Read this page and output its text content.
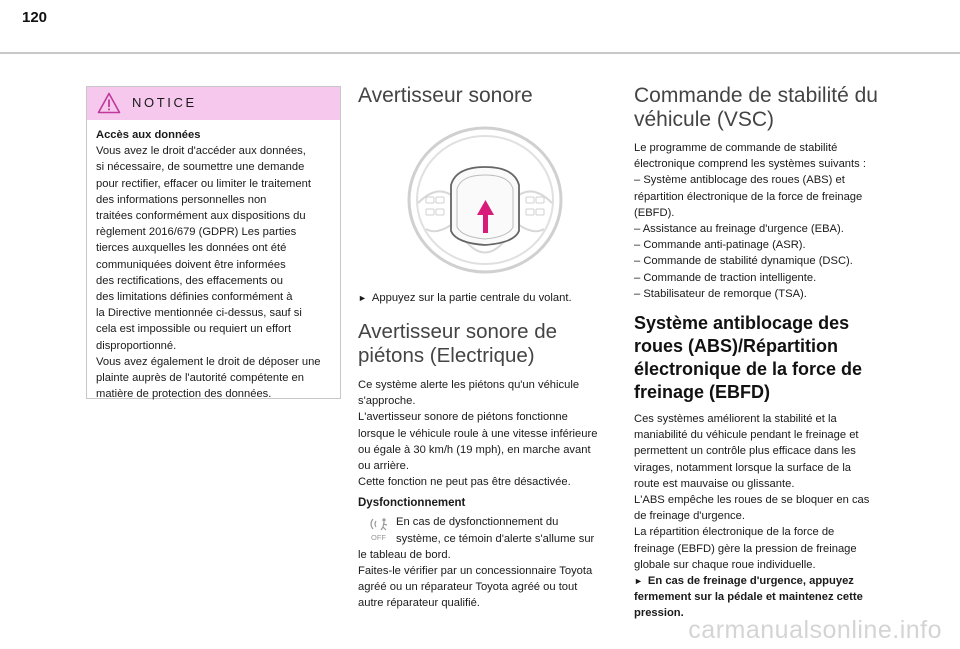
120
NOTICE

Accès aux données

Vous avez le droit d'accéder aux données,

si nécessaire, de soumettre une demande

pour rectifier, effacer ou limiter le traitement

des informations personnelles non

traitées conformément aux dispositions du

règlement 2016/679 (GDPR) Les parties

tierces auxquelles les données ont été

communiquées doivent être informées

des rectifications, des effacements ou

des limitations définies conformément à

la Directive mentionnée ci-dessus, sauf si

cela est impossible ou requiert un effort

disproportionné.

Vous avez également le droit de déposer une

plainte auprès de l'autorité compétente en

matière de protection des données.

Avertisseur sonore

► Appuyez sur la partie centrale du volant.

Avertisseur sonore de
piétons (Electrique)

Ce système alerte les piétons qu'un véhicule

s'approche.

L'avertisseur sonore de piétons fonctionne

lorsque le véhicule roule à une vitesse inférieure

ou égale à 30 km/h (19 mph), en marche avant

ou arrière.

Cette fonction ne peut pas être désactivée.

Dysfonctionnement

En cas de dysfonctionnement du

système, ce témoin d'alerte s'allume sur

le tableau de bord.

Faites-le vérifier par un concessionnaire Toyota

agréé ou un réparateur Toyota agréé ou tout

autre réparateur qualifié.

OFF
Commande de stabilité du
véhicule (VSC)

Le programme de commande de stabilité

électronique comprend les systèmes suivants :

– Système antiblocage des roues (ABS) et

répartition électronique de la force de freinage

(EBFD).

– Assistance au freinage d'urgence (EBA).

– Commande anti-patinage (ASR).

– Commande de stabilité dynamique (DSC).

– Commande de traction intelligente.

– Stabilisateur de remorque (TSA).

Système antiblocage des
roues (ABS)/Répartition
électronique de la force de
freinage (EBFD)

Ces systèmes améliorent la stabilité et la

maniabilité du véhicule pendant le freinage et

permettent un contrôle plus efficace dans les

virages, notamment lorsque la surface de la

route est mauvaise ou glissante.

L'ABS empêche les roues de se bloquer en cas

de freinage d'urgence.

La répartition électronique de la force de

freinage (EBFD) gère la pression de freinage

globale sur chaque roue individuelle.

► En cas de freinage d'urgence, appuyez

fermement sur la pédale et maintenez cette

pression.

carmanualsonline.info
